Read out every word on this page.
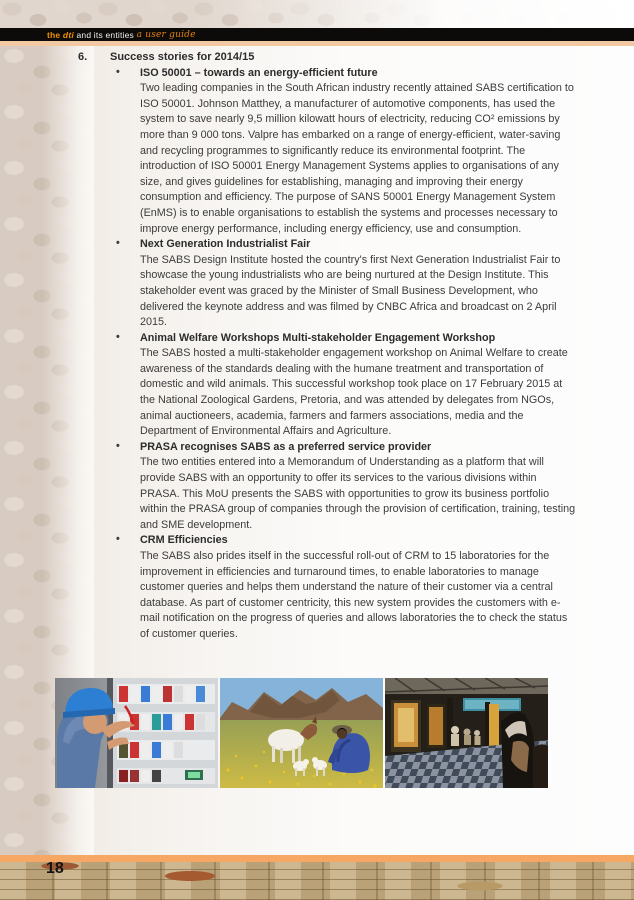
the dti and its entities a user guide
6.	Success stories for 2014/15
• ISO 50001 – towards an energy-efficient future
Two leading companies in the South African industry recently attained SABS certification to ISO 50001. Johnson Matthey, a manufacturer of automotive components, has used the system to save nearly 9,5 million kilowatt hours of electricity, reducing CO² emissions by more than 9 000 tons. Valpre has embarked on a range of energy-efficient, water-saving and recycling programmes to significantly reduce its environmental footprint. The introduction of ISO 50001 Energy Management Systems applies to organisations of any size, and gives guidelines for establishing, managing and improving their energy consumption and efficiency. The purpose of SANS 50001 Energy Management System (EnMS) is to enable organisations to establish the systems and processes necessary to improve energy performance, including energy efficiency, use and consumption.
• Next Generation Industrialist Fair
The SABS Design Institute hosted the country's first Next Generation Industrialist Fair to showcase the young industrialists who are being nurtured at the Design Institute. This stakeholder event was graced by the Minister of Small Business Development, who delivered the keynote address and was filmed by CNBC Africa and broadcast on 2 April 2015.
• Animal Welfare Workshops Multi-stakeholder Engagement Workshop
The SABS hosted a multi-stakeholder engagement workshop on Animal Welfare to create awareness of the standards dealing with the humane treatment and transportation of domestic and wild animals. This successful workshop took place on 17 February 2015 at the National Zoological Gardens, Pretoria, and was attended by delegates from NGOs, animal auctioneers, academia, farmers and farmers associations, media and the Department of Environmental Affairs and Agriculture.
• PRASA recognises SABS as a preferred service provider
The two entities entered into a Memorandum of Understanding as a platform that will provide SABS with an opportunity to offer its services to the various divisions within PRASA. This MoU presents the SABS with opportunities to grow its business portfolio within the PRASA group of companies through the provision of certification, training, testing and SME development.
• CRM Efficiencies
The SABS also prides itself in the successful roll-out of CRM to 15 laboratories for the improvement in efficiencies and turnaround times, to enable laboratories to manage customer queries and helps them understand the nature of their customer via a central database. As part of customer centricity, this new system provides the customers with e-mail notification on the progress of queries and allows laboratories the to check the status of customer queries.
18
